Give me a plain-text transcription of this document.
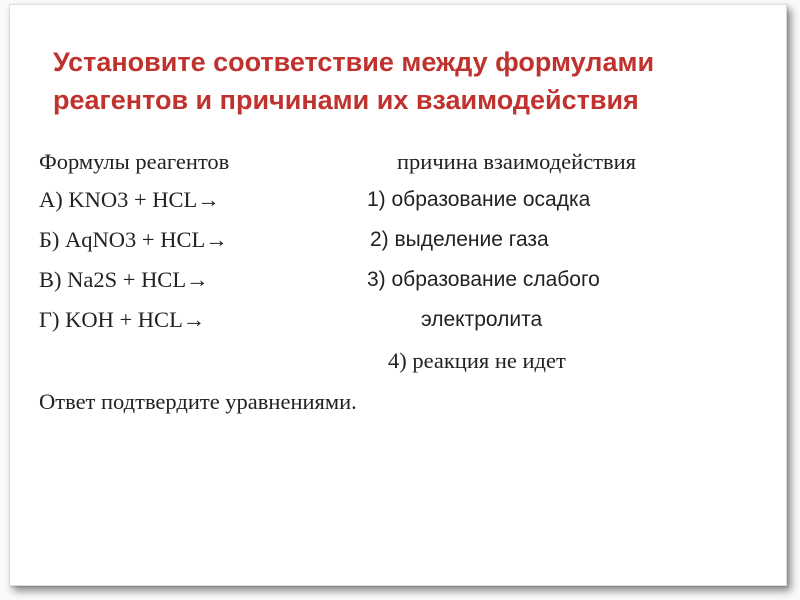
Установите соответствие между формулами
реагентов и причинами их взаимодействия
Формулы реагентов	причина взаимодействия
А) KNO3 + HCL→
Б) AqNO3 + HCL→
В) Na2S + HCL→
Г) KOH + HCL→
1) образование осадка
2) выделение газа
3) образование слабого
электролита
4) реакция не идет
Ответ подтвердите уравнениями.
